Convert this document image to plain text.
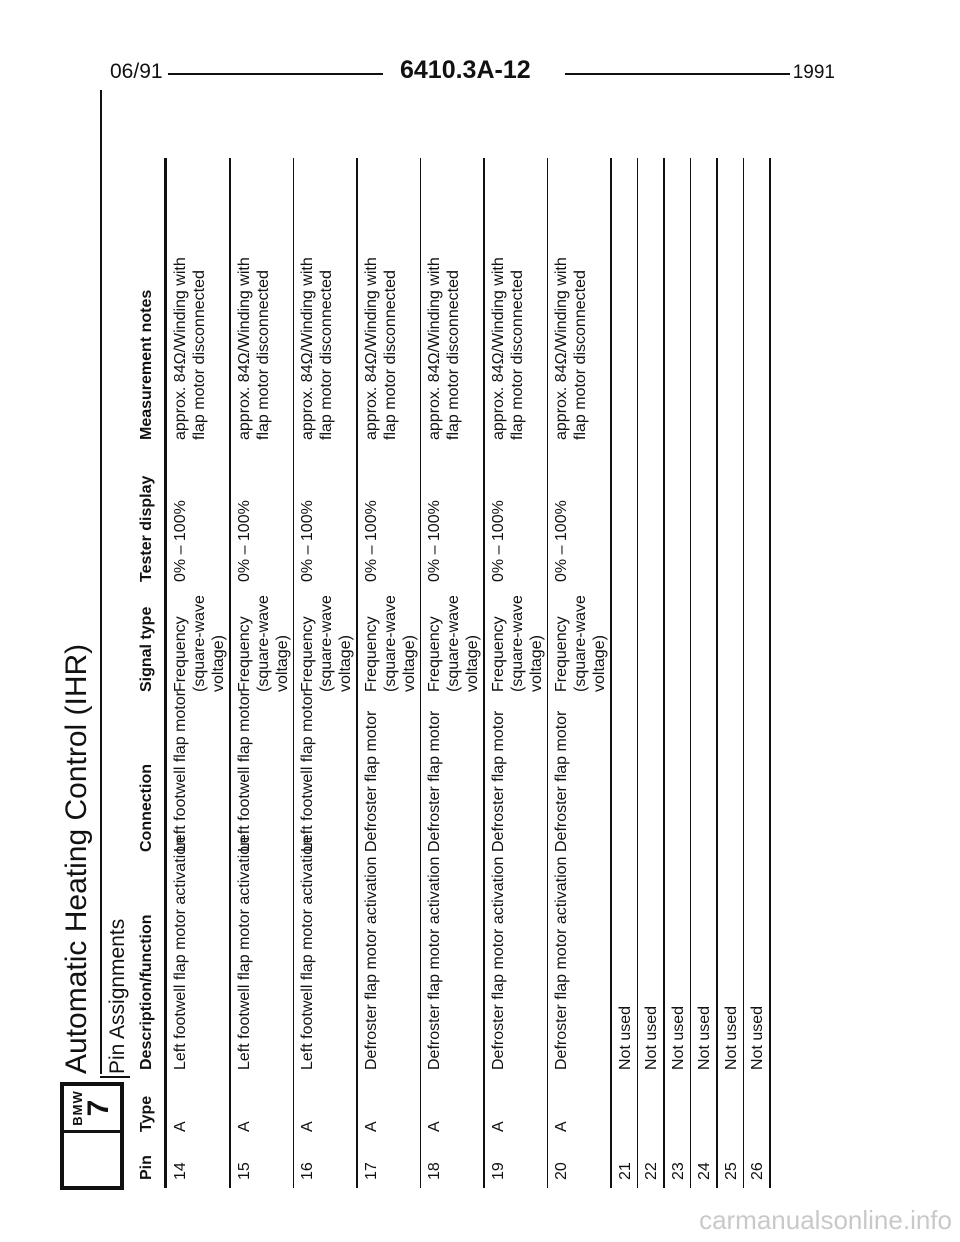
06/91	6410.3A-12	1991
BMW
7
Automatic Heating Control (IHR) Pin Assignments
Pin
Type
Description/function
Connection
Signal type
Tester display
Measurement notes
14
A
Left footwell flap motor activation
Left footwell flap motor
Frequency (square-wave voltage)
0% – 100%
approx. 84Ω/Winding with flap motor disconnected
15
A
Left footwell flap motor activation
Left footwell flap motor
Frequency (square-wave voltage)
0% – 100%
approx. 84Ω/Winding with flap motor disconnected
16
A
Left footwell flap motor activation
Left footwell flap motor
Frequency (square-wave voltage)
0% – 100%
approx. 84Ω/Winding with flap motor disconnected
17
A
Defroster flap motor activation
Defroster flap motor
Frequency (square-wave voltage)
0% – 100%
approx. 84Ω/Winding with flap motor disconnected
18
A
Defroster flap motor activation
Defroster flap motor
Frequency (square-wave voltage)
0% – 100%
approx. 84Ω/Winding with flap motor disconnected
19
A
Defroster flap motor activation
Defroster flap motor
Frequency (square-wave voltage)
0% – 100%
approx. 84Ω/Winding with flap motor disconnected
20
A
Defroster flap motor activation
Defroster flap motor
Frequency (square-wave voltage)
0% – 100%
approx. 84Ω/Winding with flap motor disconnected
21
Not used
22
Not used
23
Not used
24
Not used
25
Not used
26
Not used
carmanualsonline.info
